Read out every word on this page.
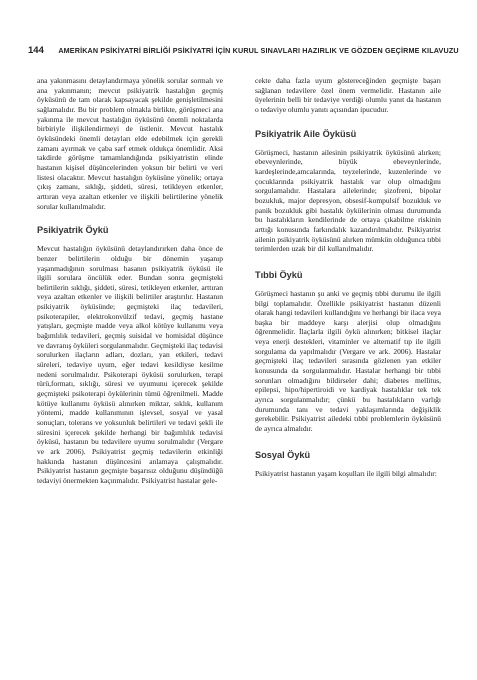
144 AMERİKAN PSİKİYATRİ BİRLİĞİ PSİKİYATRİ İÇİN KURUL SINAVLARI HAZIRLIK VE GÖZDEN GEÇİRME KILAVUZU

ana yakınmasını detaylandırmaya yönelik sorular sormalı ve ana yakınmanın; mevcut psikiyatrik hastalığın geçmiş öyküsünü de tam olarak kapsayacak şekilde genişletilmesini sağlamalıdır. Bu bir problem olmakla birlikte, görüşmeci ana yakınma ile mevcut hastalığın öyküsünü önemli noktalarda birbiriyle ilişkilendirmeyi de üstlenir. Mevcut hastalık öyküsündeki önemli detayları elde edebilmek için gerekli zamanı ayırmak ve çaba sarf etmek oldukça önemlidir. Aksi takdirde görüşme tamamlandığında psikiyatristin elinde hastanın kişisel düşüncelerinden yoksun bir belirti ve veri listesi olacaktır. Mevcut hastalığın öyküsüne yönelik; ortaya çıkış zamanı, sıklığı, şiddeti, süresi, tetikleyen etkenler, arttıran veya azaltan etkenler ve ilişkili belirtilerine yönelik sorular kullanılmalıdır.

Psikiyatrik Öykü

Mevcut hastalığın öyküsünü detaylandırırken daha önce de benzer belirtilerin olduğu bir dönemin yaşanıp yaşanmadığının sorulması hasanın psikiyatrik öyküsü ile ilgili sorulara öncülük eder. Bundan sonra geçmişteki belirtilerin sıklığı, şiddeti, süresi, tetikleyen etkenler, arttıran veya azaltan etkenler ve ilişkili belirtiler araştırılır. Hastanın psikiyatrik öyküsünde; geçmişteki ilaç tedavileri, psikoterapiler, elektrokonvülzif tedavi, geçmiş hastane yatışları, geçmişte madde veya alkol kötüye kullanımı veya bağımlılık tedavileri, geçmiş suisidal ve homisidal düşünce ve davranış öyküleri sorgulanmalıdır. Geçmişteki ilaç tedavisi sorulurken ilaçların adları, dozları, yan etkileri, tedavi süreleri, tedaviye uyum, eğer tedavi kesildiyse kesilme nedeni sorulmalıdır. Psikoterapi öyküsü sorulurken, terapi türü,formatı, sıklığı, süresi ve uyumunu içerecek şekilde geçmişteki psikoterapi öykülerinin tümü öğrenilmeli. Madde kötüye kullanımı öyküsü alınırken miktar, sıklık, kullanım yöntemi, madde kullanımının işlevsel, sosyal ve yasal sonuçları, tolerans ve yoksunluk belirtileri ve tedavi şekli ile süresini içerecek şekilde herhangi bir bağımlılık tedavisi öyküsü, hastanın bu tedavilere uyumu sorulmalıdır (Vergare ve ark 2006). Psikiyatrist geçmiş tedavilerin etkinliği hakkında hastanın düşüncesini anlamaya çalışmalıdır. Psikiyatrist hastanın geçmişte başarısız olduğunu düşündüğü tedaviyi önermekten kaçınmalıdır. Psikiyatrist hastalar gele-

cekte daha fazla uyum göstereceğinden geçmişte başarı sağlanan tedavilere özel önem vermelidir. Hastanın aile üyelerinin belli bir tedaviye verdiği olumlu yanıt da hastanın o tedaviye olumlu yanıtı açısından ipucudur.

Psikiyatrik Aile Öyküsü

Görüşmeci, hastanın ailesinin psikiyatrik öyküsünü alırken; ebeveynlerinde, büyük ebeveynlerinde, kardeşlerinde,amcalarında, teyzelerinde, kuzenlerinde ve çocuklarında psikiyatrik hastalık var olup olmadığını sorgulamalıdır. Hastalara ailelerinde; şizofreni, bipolar bozukluk, major depresyon, obsesif-kompulsif bozukluk ve panik bozukluk gibi hastalık öykülerinin olması durumunda bu hastalıkların kendilerinde de ortaya çıkabilme riskinin arttığı konusunda farkındalık kazandırılmalıdır. Psikiyatrist ailenin psikiyatrik öyküsünü alırken mümkün olduğunca tıbbi terimlerden uzak bir dil kullanılmalıdır.

Tıbbi Öykü

Görüşmeci hastanın şu anki ve geçmiş tıbbi durumu ile ilgili bilgi toplamalıdır. Özellikle psikiyatrist hastanın düzenli olarak hangi tedavileri kullandığını ve herhangi bir ilaca veya başka bir maddeye karşı alerjisi olup olmadığını öğrenmelidir. İlaçlarla ilgili öykü alınırken; bitkisel ilaçlar veya enerji destekleri, vitaminler ve alternatif tıp ile ilgili sorgulama da yapılmalıdır (Vergare ve ark. 2006). Hastalar geçmişteki ilaç tedavileri sırasında gözlenen yan etkiler konusunda da sorgulanmalıdır. Hastalar herhangi bir tıbbi sorunları olmadığını bildirseler dahi; diabetes mellitus, epilepsi, hipo/hipertiroidi ve kardiyak hastalıklar tek tek ayrıca sorgulanmalıdır; çünkü bu hastalıkların varlığı durumunda tanı ve tedavi yaklaşımlarında değişiklik gerekebilir. Psikiyatrist ailedeki tıbbi problemlerin öyküsünü de ayrıca almalıdır.

Sosyal Öykü

Psikiyatrist hastanın yaşam koşulları ile ilgili bilgi almalıdır:
